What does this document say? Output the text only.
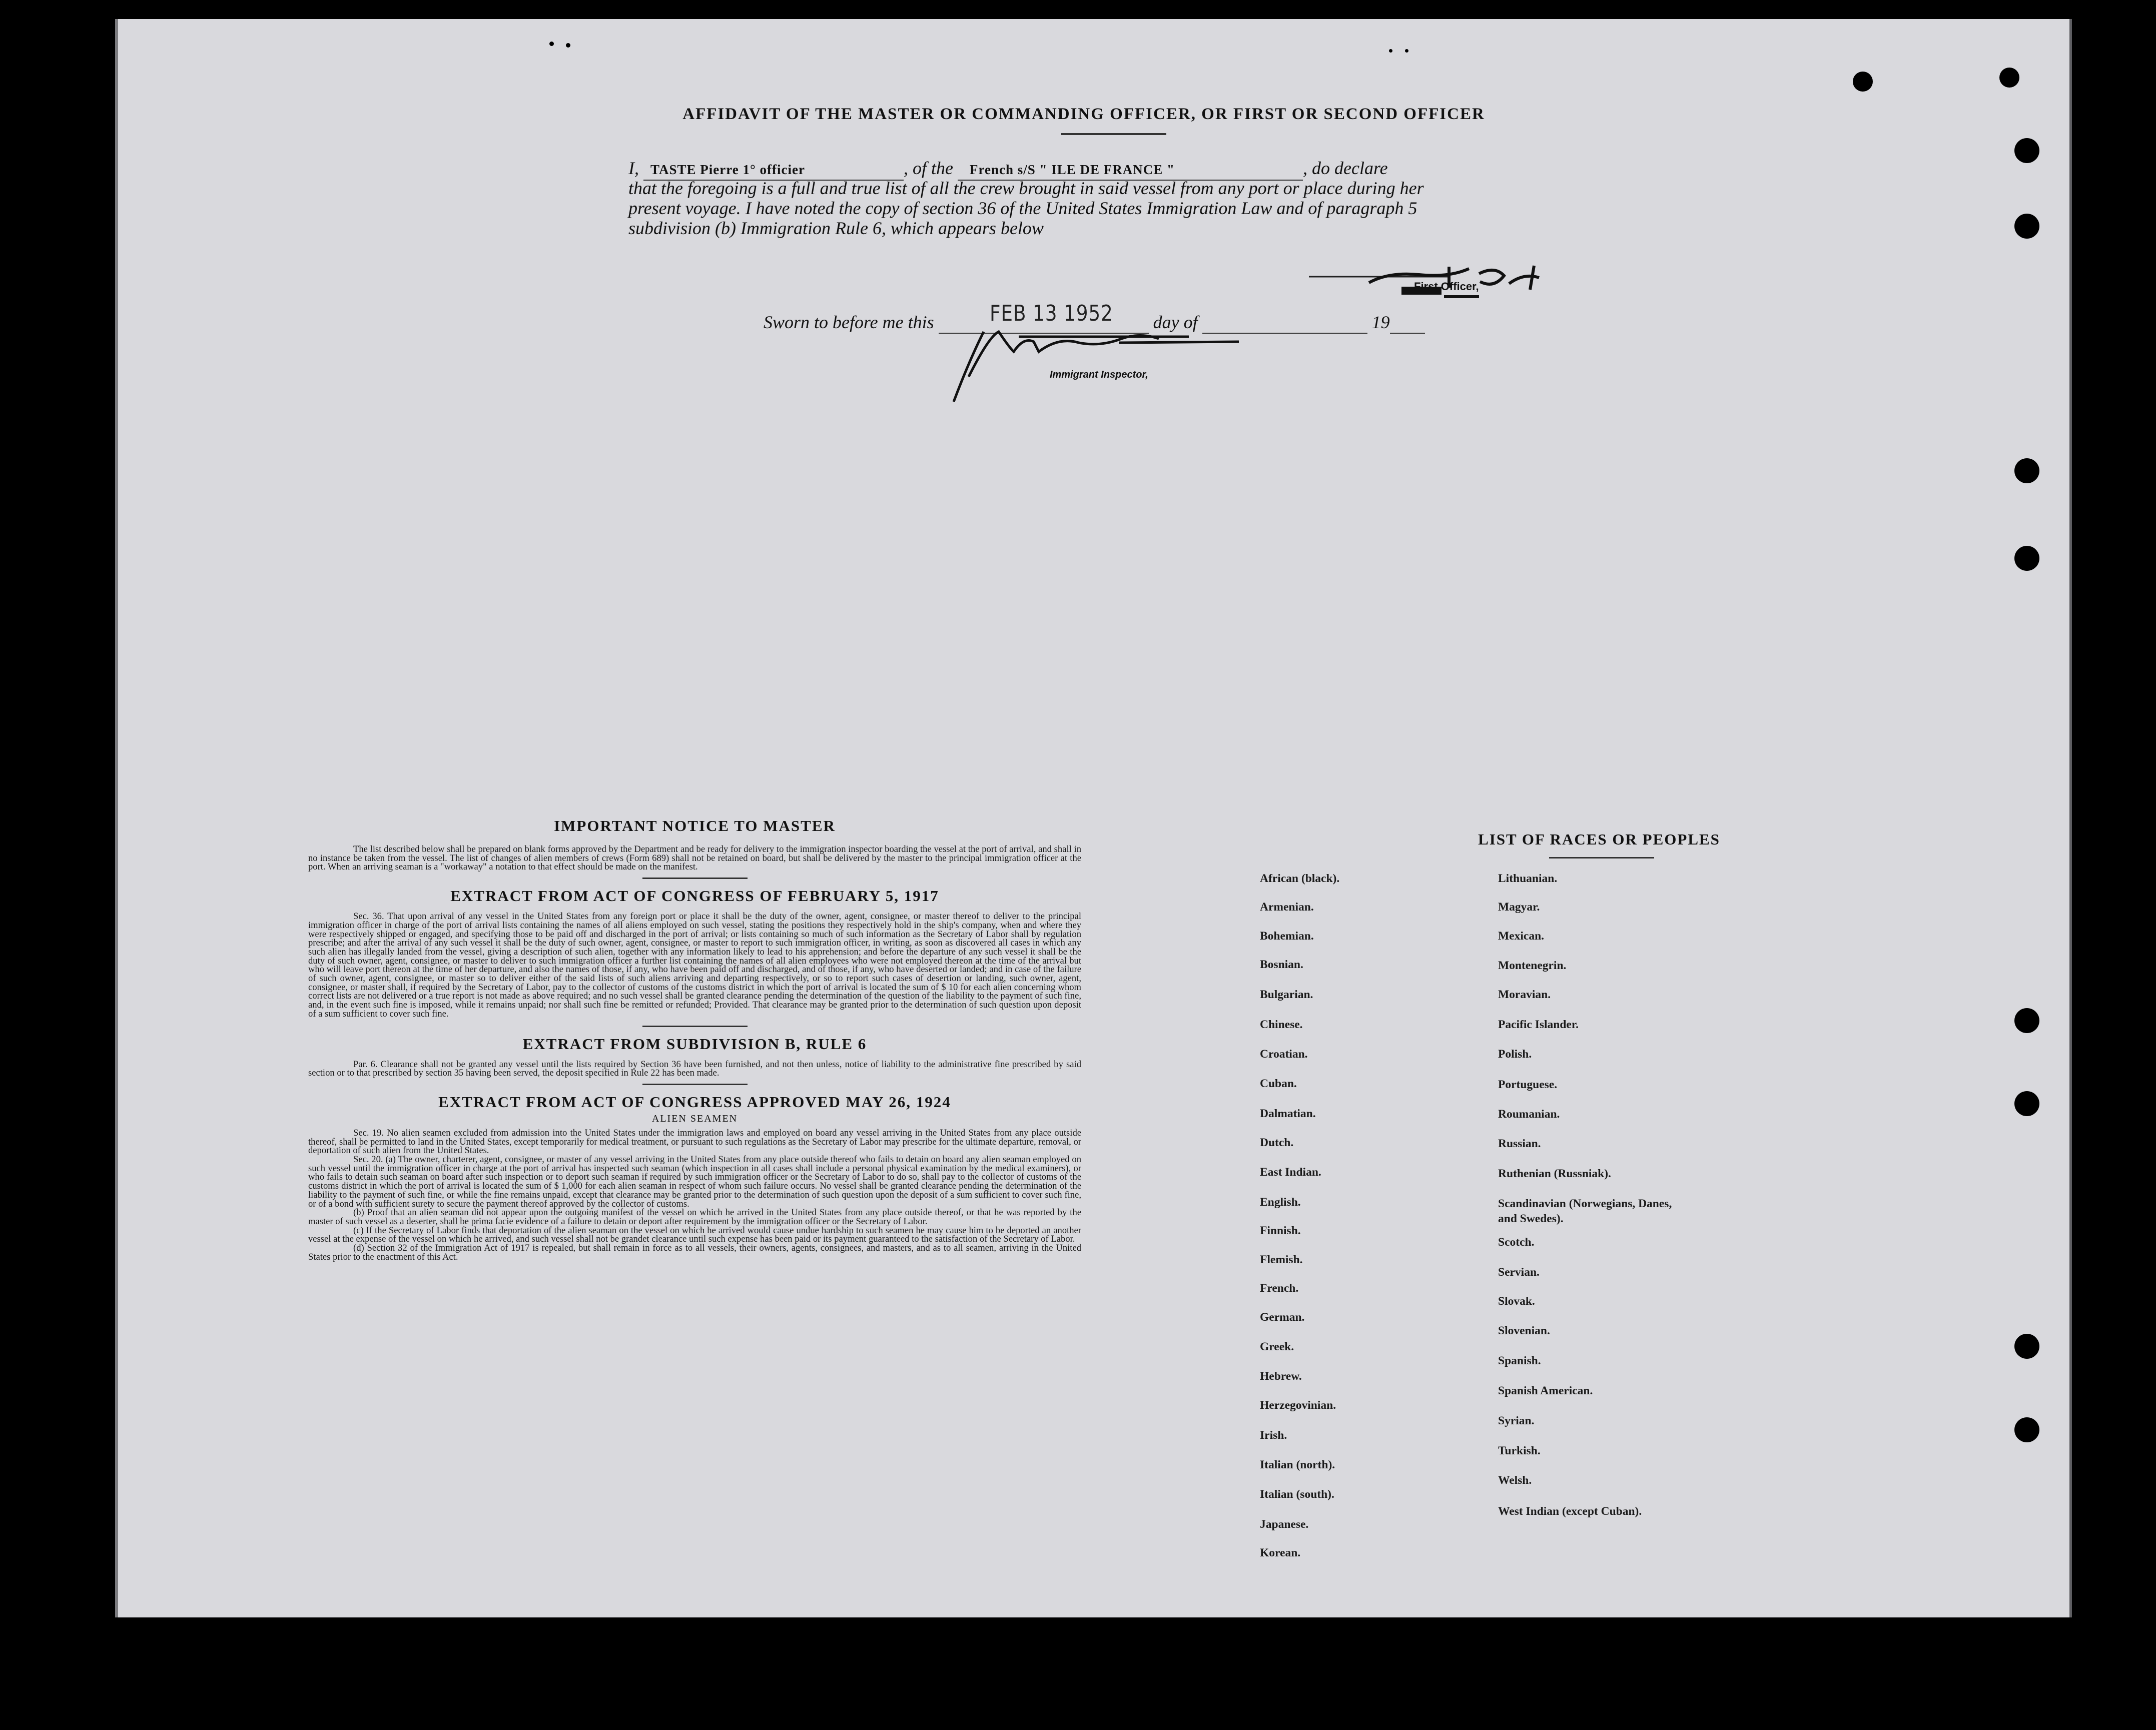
AFFIDAVIT OF THE MASTER OR COMMANDING OFFICER, OR FIRST OR SECOND OFFICER
I, TASTE Pierre 1° officier	, of the French s/S " ILE DE FRANCE "	, do declare
that the foregoing is a full and true list of all the crew brought in said vessel from any port or place during her
present voyage. I have noted the copy of section 36 of the United States Immigration Law and of paragraph 5
subdivision (b) Immigration Rule 6, which appears below
First Officer,
Sworn to before me this	day of	19
FEB 13 1952
Immigrant Inspector,
IMPORTANT NOTICE TO MASTER

The list described below shall be prepared on blank forms approved by the Department and be ready for delivery to the immigration inspector boarding the vessel at the port of arrival, and shall in no instance be taken from the vessel. The list of changes of alien members of crews (Form 689) shall not be retained on board, but shall be delivered by the master to the principal immigration officer at the port. When an arriving seaman is a "workaway" a notation to that effect should be made on the manifest.

EXTRACT FROM ACT OF CONGRESS OF FEBRUARY 5, 1917

Sec. 36. That upon arrival of any vessel in the United States from any foreign port or place it shall be the duty of the owner, agent, consignee, or master thereof to deliver to the principal immigration officer in charge of the port of arrival lists containing the names of all aliens employed on such vessel, stating the positions they respectively hold in the ship's company, when and where they were respectively shipped or engaged, and specifying those to be paid off and discharged in the port of arrival; or lists containing so much of such information as the Secretary of Labor shall by regulation prescribe; and after the arrival of any such vessel it shall be the duty of such owner, agent, consignee, or master to report to such immigration officer, in writing, as soon as discovered all cases in which any such alien has illegally landed from the vessel, giving a description of such alien, together with any information likely to lead to his apprehension; and before the departure of any such vessel it shall be the duty of such owner, agent, consignee, or master to deliver to such immigration officer a further list containing the names of all alien employees who were not employed thereon at the time of the arrival but who will leave port thereon at the time of her departure, and also the names of those, if any, who have been paid off and discharged, and of those, if any, who have deserted or landed; and in case of the failure of such owner, agent, consignee, or master so to deliver either of the said lists of such aliens arriving and departing respectively, or so to report such cases of desertion or landing, such owner, agent, consignee, or master shall, if required by the Secretary of Labor, pay to the collector of customs of the customs district in which the port of arrival is located the sum of $ 10 for each alien concerning whom correct lists are not delivered or a true report is not made as above required; and no such vessel shall be granted clearance pending the determination of the question of the liability to the payment of such fine, and, in the event such fine is imposed, while it remains unpaid; nor shall such fine be remitted or refunded; Provided. That clearance may be granted prior to the determination of such question upon deposit of a sum sufficient to cover such fine.

EXTRACT FROM SUBDIVISION B, RULE 6

Par. 6. Clearance shall not be granted any vessel until the lists required by Section 36 have been furnished, and not then unless, notice of liability to the administrative fine prescribed by said section or to that prescribed by section 35 having been served, the deposit specified in Rule 22 has been made.

EXTRACT FROM ACT OF CONGRESS APPROVED MAY 26, 1924
ALIEN SEAMEN

Sec. 19. No alien seamen excluded from admission into the United States under the immigration laws and employed on board any vessel arriving in the United States from any place outside thereof, shall be permitted to land in the United States, except temporarily for medical treatment, or pursuant to such regulations as the Secretary of Labor may prescribe for the ultimate departure, removal, or deportation of such alien from the United States.

Sec. 20. (a) The owner, charterer, agent, consignee, or master of any vessel arriving in the United States from any place outside thereof who fails to detain on board any alien seaman employed on such vessel until the immigration officer in charge at the port of arrival has inspected such seaman (which inspection in all cases shall include a personal physical examination by the medical examiners), or who fails to detain such seaman on board after such inspection or to deport such seaman if required by such immigration officer or the Secretary of Labor to do so, shall pay to the collector of customs of the customs district in which the port of arrival is located the sum of $ 1,000 for each alien seaman in respect of whom such failure occurs. No vessel shall be granted clearance pending the determination of the liability to the payment of such fine, or while the fine remains unpaid, except that clearance may be granted prior to the determination of such question upon the deposit of a sum sufficient to cover such fine, or of a bond with sufficient surety to secure the payment thereof approved by the collector of customs.

(b) Proof that an alien seaman did not appear upon the outgoing manifest of the vessel on which he arrived in the United States from any place outside thereof, or that he was reported by the master of such vessel as a deserter, shall be prima facie evidence of a failure to detain or deport after requirement by the immigration officer or the Secretary of Labor.

(c) If the Secretary of Labor finds that deportation of the alien seaman on the vessel on which he arrived would cause undue hardship to such seamen he may cause him to be deported an another vessel at the expense of the vessel on which he arrived, and such vessel shall not be grandet clearance until such expense has been paid or its payment guaranteed to the satisfaction of the Secretary of Labor.

(d) Section 32 of the Immigration Act of 1917 is repealed, but shall remain in force as to all vessels, their owners, agents, consignees, and masters, and as to all seamen, arriving in the United States prior to the enactment of this Act.

LIST OF RACES OR PEOPLES
African (black).
Armenian.
Bohemian.
Bosnian.
Bulgarian.
Chinese.
Croatian.
Cuban.
Dalmatian.
Dutch.
East Indian.
English.
Finnish.
Flemish.
French.
German.
Greek.
Hebrew.
Herzegovinian.
Irish.
Italian (north).
Italian (south).
Japanese.
Korean.
Lithuanian.
Magyar.
Mexican.
Montenegrin.
Moravian.
Pacific Islander.
Polish.
Portuguese.
Roumanian.
Russian.
Ruthenian (Russniak).
Scandinavian (Norwegians, Danes, and Swedes).
Scotch.
Servian.
Slovak.
Slovenian.
Spanish.
Spanish American.
Syrian.
Turkish.
Welsh.
West Indian (except Cuban).
